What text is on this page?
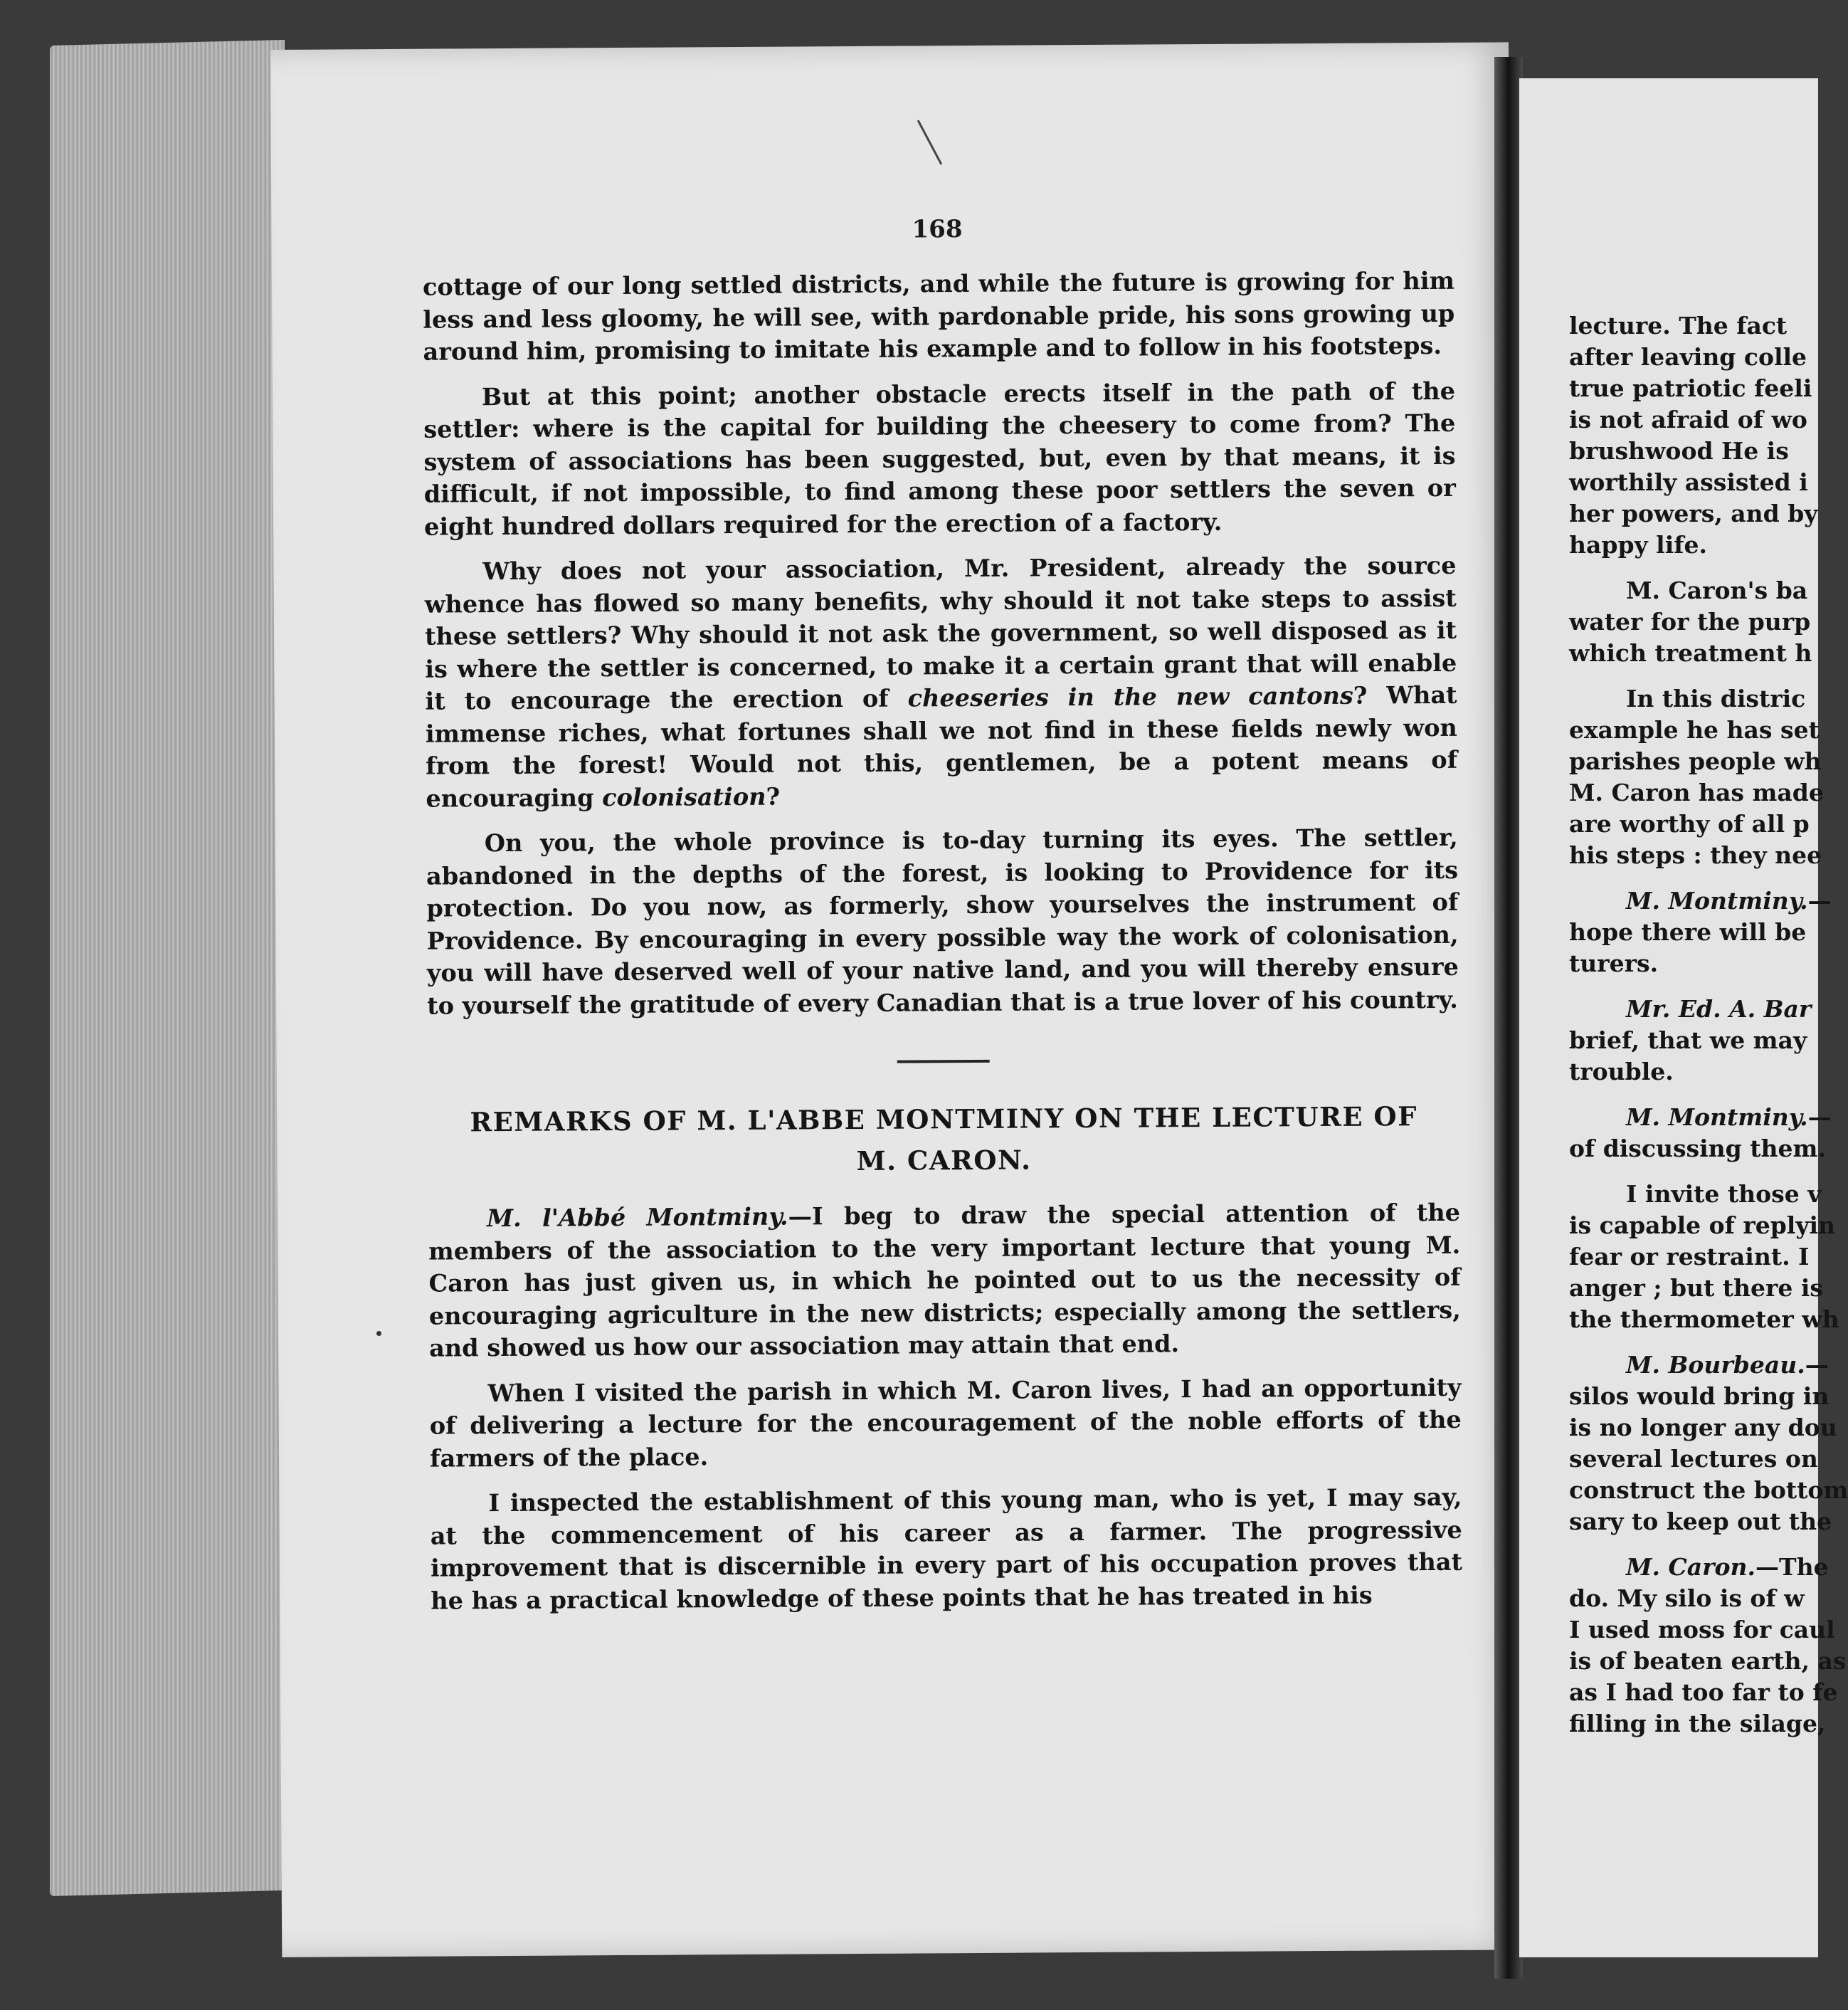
168

cottage of our long settled districts, and while the future is growing for him less and less gloomy, he will see, with pardonable pride, his sons growing up around him, promising to imitate his example and to follow in his footsteps.

But at this point; another obstacle erects itself in the path of the settler: where is the capital for building the cheesery to come from? The system of associations has been suggested, but, even by that means, it is difficult, if not impossible, to find among these poor settlers the seven or eight hundred dollars required for the erection of a factory.

Why does not your association, Mr. President, already the source whence has flowed so many benefits, why should it not take steps to assist these settlers? Why should it not ask the government, so well disposed as it is where the settler is concerned, to make it a certain grant that will enable it to encourage the erection of cheeseries in the new cantons? What immense riches, what fortunes shall we not find in these fields newly won from the forest! Would not this, gentlemen, be a potent means of encouraging colonisation?

On you, the whole province is to-day turning its eyes. The settler, abandoned in the depths of the forest, is looking to Providence for its protection. Do you now, as formerly, show yourselves the instrument of Providence. By encouraging in every possible way the work of colonisation, you will have deserved well of your native land, and you will thereby ensure to yourself the gratitude of every Canadian that is a true lover of his country.

REMARKS OF M. L'ABBE MONTMINY ON THE LECTURE OF
M. CARON.

M. l'Abbé Montminy.—I beg to draw the special attention of the members of the association to the very important lecture that young M. Caron has just given us, in which he pointed out to us the necessity of encouraging agriculture in the new districts; especially among the settlers, and showed us how our association may attain that end.

When I visited the parish in which M. Caron lives, I had an opportunity of delivering a lecture for the encouragement of the noble efforts of the farmers of the place.

I inspected the establishment of this young man, who is yet, I may say, at the commencement of his career as a farmer. The progressive improvement that is discernible in every part of his occupation proves that he has a practical knowledge of these points that he has treated in his

lecture. The fact
after leaving colle
true patriotic feeli
is not afraid of wo
brushwood He is
worthily assisted i
her powers, and by
happy life.
M. Caron's ba
water for the purp
which treatment h
In this distric
example he has set
parishes people wh
M. Caron has made
are worthy of all p
his steps : they nee
M. Montminy.—
hope there will be
turers.
Mr. Ed. A. Bar
brief, that we may
trouble.
M. Montminy.—
of discussing them.
I invite those v
is capable of replyin
fear or restraint. I
anger ; but there is
the thermometer wh
M. Bourbeau.—
silos would bring in
is no longer any dou
several lectures on
construct the bottom
sary to keep out the
M. Caron.—The
do. My silo is of w
I used moss for caul
is of beaten earth, as
as I had too far to fe
filling in the silage,
